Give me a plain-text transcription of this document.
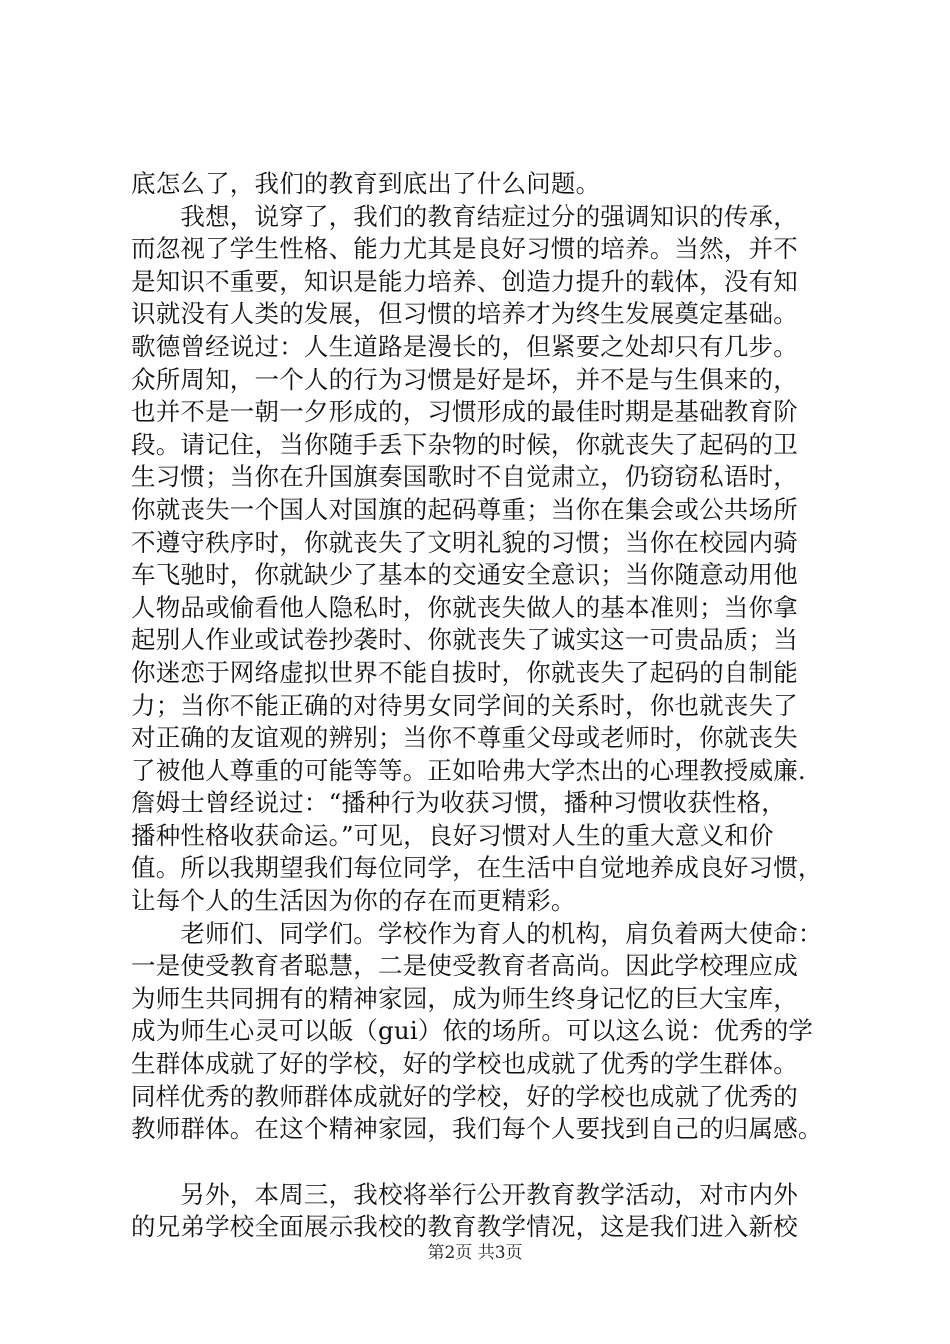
底怎么了，我们的教育到底出了什么问题。
　　我想，说穿了，我们的教育结症过分的强调知识的传承，
而忽视了学生性格、能力尤其是良好习惯的培养。当然，并不
是知识不重要，知识是能力培养、创造力提升的载体，没有知
识就没有人类的发展，但习惯的培养才为终生发展奠定基础。
歌德曾经说过：人生道路是漫长的，但紧要之处却只有几步。
众所周知，一个人的行为习惯是好是坏，并不是与生俱来的，
也并不是一朝一夕形成的，习惯形成的最佳时期是基础教育阶
段。请记住，当你随手丢下杂物的时候，你就丧失了起码的卫
生习惯；当你在升国旗奏国歌时不自觉肃立，仍窃窃私语时，
你就丧失一个国人对国旗的起码尊重；当你在集会或公共场所
不遵守秩序时，你就丧失了文明礼貌的习惯；当你在校园内骑
车飞驰时，你就缺少了基本的交通安全意识；当你随意动用他
人物品或偷看他人隐私时，你就丧失做人的基本准则；当你拿
起别人作业或试卷抄袭时、你就丧失了诚实这一可贵品质；当
你迷恋于网络虚拟世界不能自拔时，你就丧失了起码的自制能
力；当你不能正确的对待男女同学间的关系时，你也就丧失了
对正确的友谊观的辨别；当你不尊重父母或老师时，你就丧失
了被他人尊重的可能等等。正如哈弗大学杰出的心理教授威廉.
詹姆士曾经说过：“播种行为收获习惯，播种习惯收获性格，
播种性格收获命运。”可见，良好习惯对人生的重大意义和价
值。所以我期望我们每位同学，在生活中自觉地养成良好习惯，
让每个人的生活因为你的存在而更精彩。
　　老师们、同学们。学校作为育人的机构，肩负着两大使命：
一是使受教育者聪慧，二是使受教育者高尚。因此学校理应成
为师生共同拥有的精神家园，成为师生终身记忆的巨大宝库，
成为师生心灵可以皈（gui）依的场所。可以这么说：优秀的学
生群体成就了好的学校，好的学校也成就了优秀的学生群体。
同样优秀的教师群体成就好的学校，好的学校也成就了优秀的
教师群体。在这个精神家园，我们每个人要找到自己的归属感。
　　另外，本周三，我校将举行公开教育教学活动，对市内外
的兄弟学校全面展示我校的教育教学情况，这是我们进入新校
第2页 共3页
